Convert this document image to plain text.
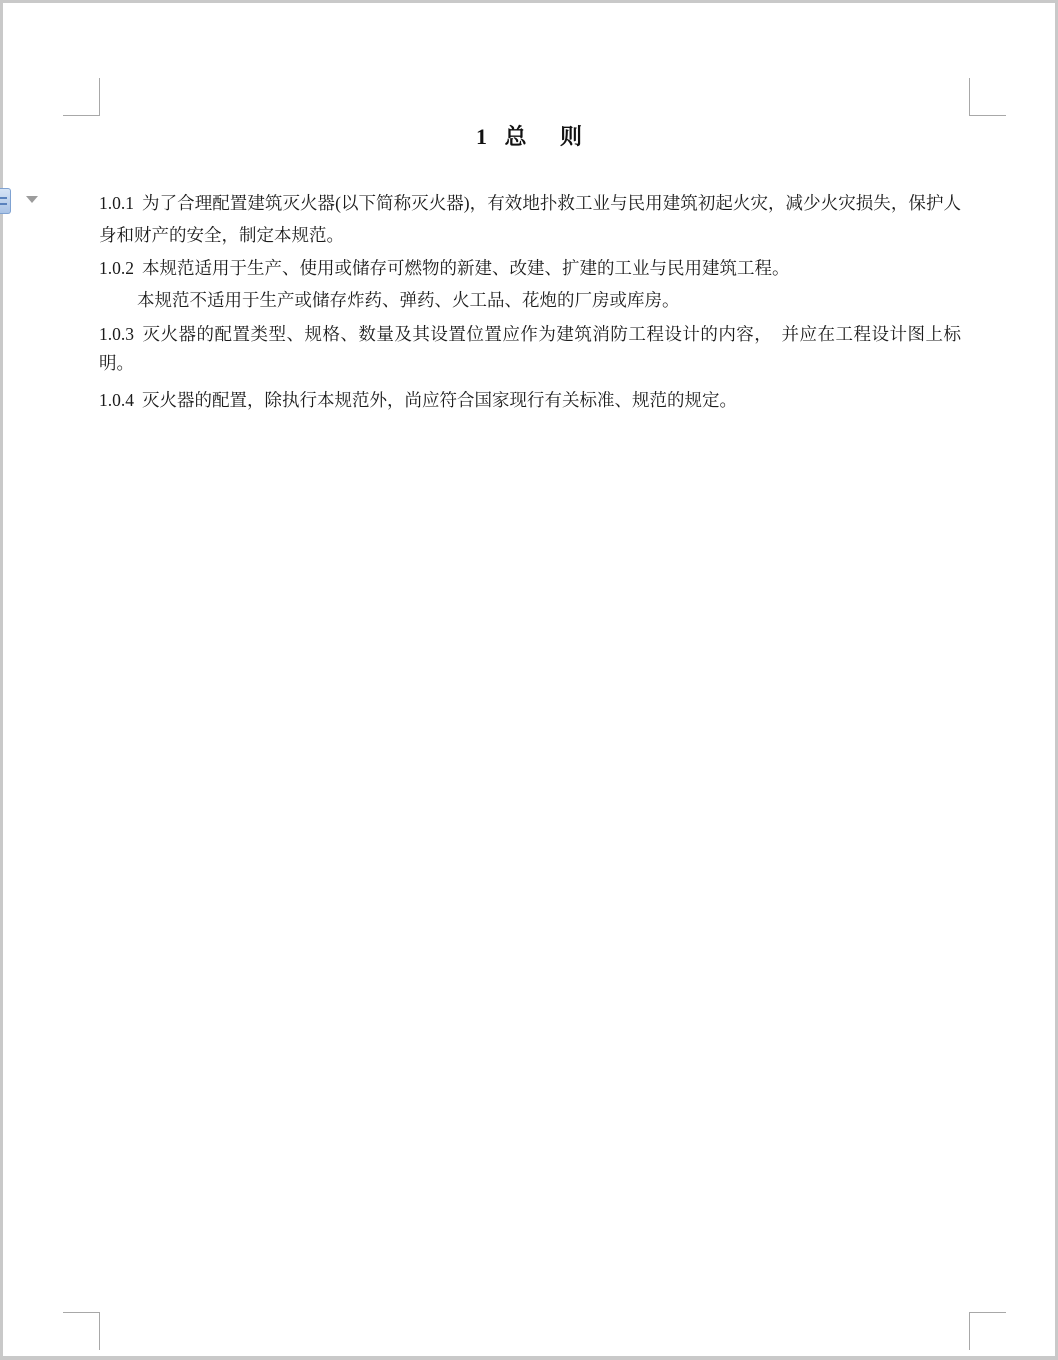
1 总 则
1.0.1 为了合理配置建筑灭火器(以下简称灭火器)，有效地扑救工业与民用建筑初起火灾，减少火灾损失，保护人身和财产的安全，制定本规范。
1.0.2 本规范适用于生产、使用或储存可燃物的新建、改建、扩建的工业与民用建筑工程。
本规范不适用于生产或储存炸药、弹药、火工品、花炮的厂房或库房。
1.0.3 灭火器的配置类型、规格、数量及其设置位置应作为建筑消防工程设计的内容，　并应在工程设计图上标明。
1.0.4 灭火器的配置，除执行本规范外，尚应符合国家现行有关标准、规范的规定。
